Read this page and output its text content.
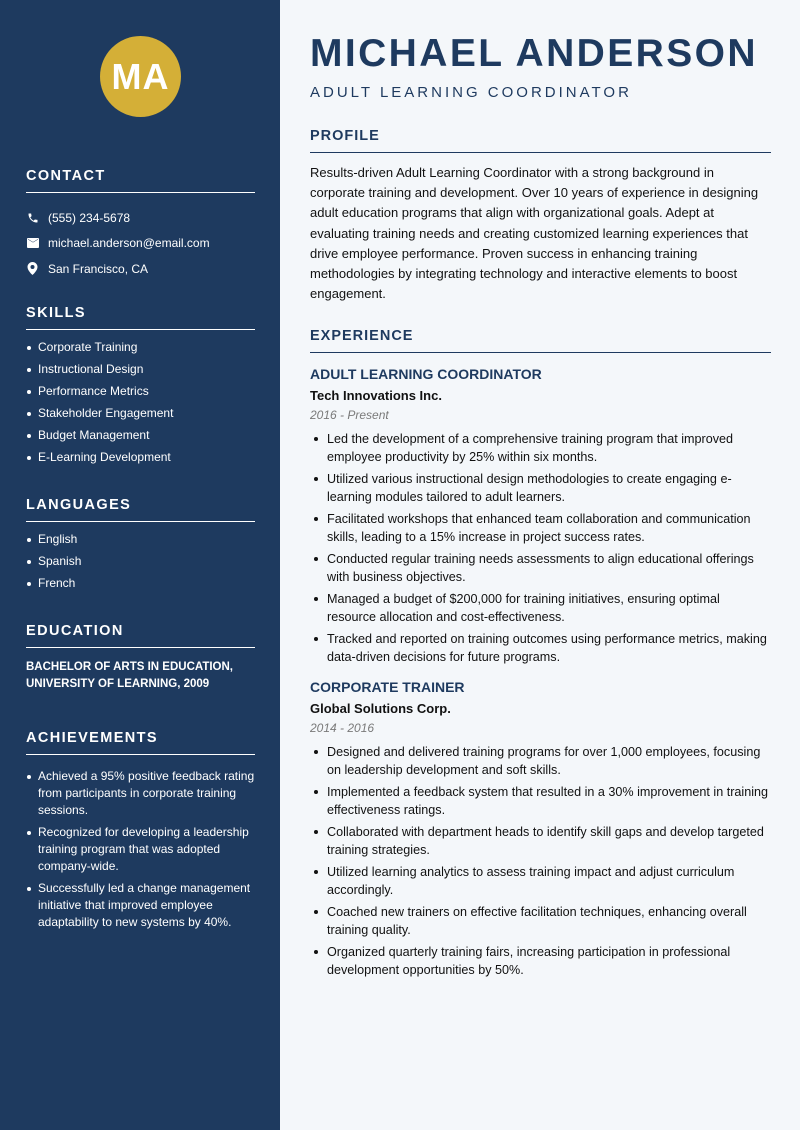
MA
CONTACT
(555) 234-5678
michael.anderson@email.com
San Francisco, CA
SKILLS
Corporate Training
Instructional Design
Performance Metrics
Stakeholder Engagement
Budget Management
E-Learning Development
LANGUAGES
English
Spanish
French
EDUCATION
BACHELOR OF ARTS IN EDUCATION, UNIVERSITY OF LEARNING, 2009
ACHIEVEMENTS
Achieved a 95% positive feedback rating from participants in corporate training sessions.
Recognized for developing a leadership training program that was adopted company-wide.
Successfully led a change management initiative that improved employee adaptability to new systems by 40%.
MICHAEL ANDERSON
ADULT LEARNING COORDINATOR
PROFILE

Results-driven Adult Learning Coordinator with a strong background in corporate training and development. Over 10 years of experience in designing adult education programs that align with organizational goals. Adept at evaluating training needs and creating customized learning experiences that drive employee performance. Proven success in enhancing training methodologies by integrating technology and interactive elements to boost engagement.

EXPERIENCE

ADULT LEARNING COORDINATOR

Tech Innovations Inc.

2016 - Present

Led the development of a comprehensive training program that improved employee productivity by 25% within six months.
Utilized various instructional design methodologies to create engaging e-learning modules tailored to adult learners.
Facilitated workshops that enhanced team collaboration and communication skills, leading to a 15% increase in project success rates.
Conducted regular training needs assessments to align educational offerings with business objectives.
Managed a budget of $200,000 for training initiatives, ensuring optimal resource allocation and cost-effectiveness.
Tracked and reported on training outcomes using performance metrics, making data-driven decisions for future programs.

CORPORATE TRAINER

Global Solutions Corp.

2014 - 2016

Designed and delivered training programs for over 1,000 employees, focusing on leadership development and soft skills.
Implemented a feedback system that resulted in a 30% improvement in training effectiveness ratings.
Collaborated with department heads to identify skill gaps and develop targeted training strategies.
Utilized learning analytics to assess training impact and adjust curriculum accordingly.
Coached new trainers on effective facilitation techniques, enhancing overall training quality.
Organized quarterly training fairs, increasing participation in professional development opportunities by 50%.
